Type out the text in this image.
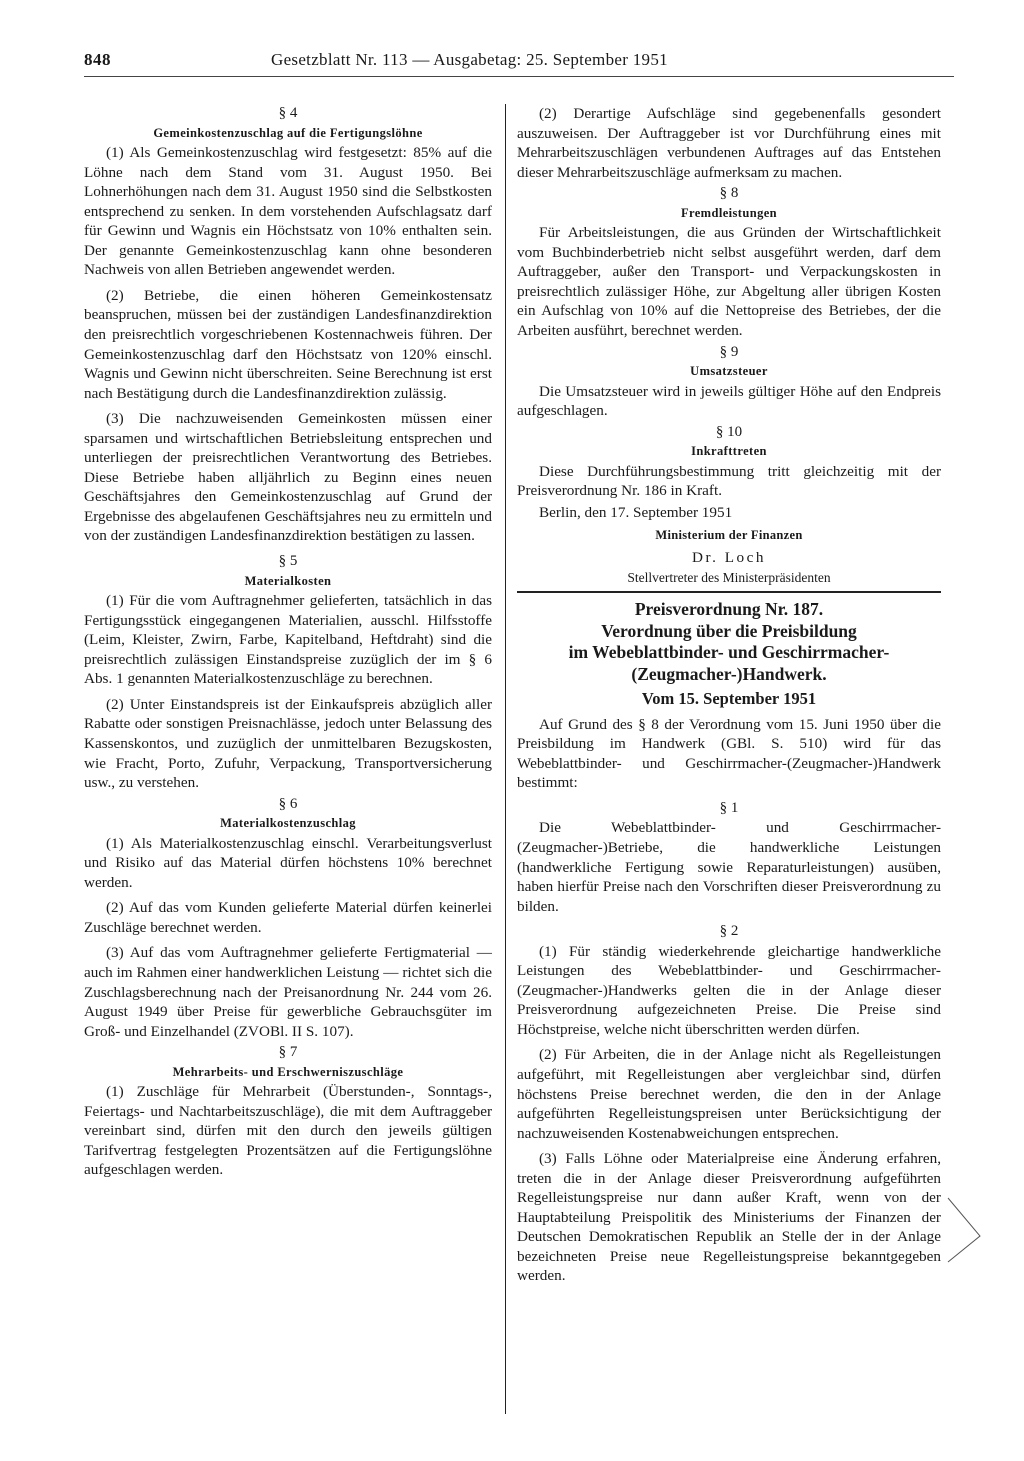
848	Gesetzblatt Nr. 113 — Ausgabetag: 25. September 1951

§ 4

Gemeinkostenzuschlag auf die Fertigungslöhne

(1) Als Gemeinkostenzuschlag wird festgesetzt: 85% auf die Löhne nach dem Stand vom 31. August 1950. Bei Lohnerhöhungen nach dem 31. August 1950 sind die Selbstkosten entsprechend zu senken. In dem vorstehenden Aufschlagsatz darf für Gewinn und Wagnis ein Höchstsatz von 10% enthalten sein. Der genannte Gemeinkostenzuschlag kann ohne besonderen Nachweis von allen Betrieben angewendet werden.

(2) Betriebe, die einen höheren Gemeinkostensatz beanspruchen, müssen bei der zuständigen Landesfinanzdirektion den preisrechtlich vorgeschriebenen Kostennachweis führen. Der Gemeinkostenzuschlag darf den Höchstsatz von 120% einschl. Wagnis und Gewinn nicht überschreiten. Seine Berechnung ist erst nach Bestätigung durch die Landesfinanzdirektion zulässig.

(3) Die nachzuweisenden Gemeinkosten müssen einer sparsamen und wirtschaftlichen Betriebsleitung entsprechen und unterliegen der preisrechtlichen Verantwortung des Betriebes. Diese Betriebe haben alljährlich zu Beginn eines neuen Geschäftsjahres den Gemeinkostenzuschlag auf Grund der Ergebnisse des abgelaufenen Geschäftsjahres neu zu ermitteln und von der zuständigen Landesfinanzdirektion bestätigen zu lassen.

§ 5

Materialkosten

(1) Für die vom Auftragnehmer gelieferten, tatsächlich in das Fertigungsstück eingegangenen Materialien, ausschl. Hilfsstoffe (Leim, Kleister, Zwirn, Farbe, Kapitelband, Heftdraht) sind die preisrechtlich zulässigen Einstandspreise zuzüglich der im § 6 Abs. 1 genannten Materialkostenzuschläge zu berechnen.

(2) Unter Einstandspreis ist der Einkaufspreis abzüglich aller Rabatte oder sonstigen Preisnachlässe, jedoch unter Belassung des Kassenskontos, und zuzüglich der unmittelbaren Bezugskosten, wie Fracht, Porto, Zufuhr, Verpackung, Transportversicherung usw., zu verstehen.

§ 6

Materialkostenzuschlag

(1) Als Materialkostenzuschlag einschl. Verarbeitungsverlust und Risiko auf das Material dürfen höchstens 10% berechnet werden.

(2) Auf das vom Kunden gelieferte Material dürfen keinerlei Zuschläge berechnet werden.

(3) Auf das vom Auftragnehmer gelieferte Fertigmaterial — auch im Rahmen einer handwerklichen Leistung — richtet sich die Zuschlagsberechnung nach der Preisanordnung Nr. 244 vom 26. August 1949 über Preise für gewerbliche Gebrauchsgüter im Groß- und Einzelhandel (ZVOBl. II S. 107).

§ 7

Mehrarbeits- und Erschwerniszuschläge

(1) Zuschläge für Mehrarbeit (Überstunden-, Sonntags-, Feiertags- und Nachtarbeitszuschläge), die mit dem Auftraggeber vereinbart sind, dürfen mit den durch den jeweils gültigen Tarifvertrag festgelegten Prozentsätzen auf die Fertigungslöhne aufgeschlagen werden.

(2) Derartige Aufschläge sind gegebenenfalls gesondert auszuweisen. Der Auftraggeber ist vor Durchführung eines mit Mehrarbeitszuschlägen verbundenen Auftrages auf das Entstehen dieser Mehrarbeitszuschläge aufmerksam zu machen.

§ 8

Fremdleistungen

Für Arbeitsleistungen, die aus Gründen der Wirtschaftlichkeit vom Buchbinderbetrieb nicht selbst ausgeführt werden, darf dem Auftraggeber, außer den Transport- und Verpackungskosten in preisrechtlich zulässiger Höhe, zur Abgeltung aller übrigen Kosten ein Aufschlag von 10% auf die Nettopreise des Betriebes, der die Arbeiten ausführt, berechnet werden.

§ 9

Umsatzsteuer

Die Umsatzsteuer wird in jeweils gültiger Höhe auf den Endpreis aufgeschlagen.

§ 10

Inkrafttreten

Diese Durchführungsbestimmung tritt gleichzeitig mit der Preisverordnung Nr. 186 in Kraft.

Berlin, den 17. September 1951

Ministerium der Finanzen

Dr. Loch

Stellvertreter des Ministerpräsidenten

Preisverordnung Nr. 187.

Verordnung über die Preisbildung

im Webeblattbinder- und Geschirrmacher-

(Zeugmacher-)Handwerk.

Vom 15. September 1951

Auf Grund des § 8 der Verordnung vom 15. Juni 1950 über die Preisbildung im Handwerk (GBl. S. 510) wird für das Webeblattbinder- und Geschirrmacher-(Zeugmacher-)Handwerk bestimmt:

§ 1

Die Webeblattbinder- und Geschirrmacher-(Zeugmacher-)Betriebe, die handwerkliche Leistungen (handwerkliche Fertigung sowie Reparaturleistungen) ausüben, haben hierfür Preise nach den Vorschriften dieser Preisverordnung zu bilden.

§ 2

(1) Für ständig wiederkehrende gleichartige handwerkliche Leistungen des Webeblattbinder- und Geschirrmacher-(Zeugmacher-)Handwerks gelten die in der Anlage dieser Preisverordnung aufgezeichneten Preise. Die Preise sind Höchstpreise, welche nicht überschritten werden dürfen.

(2) Für Arbeiten, die in der Anlage nicht als Regelleistungen aufgeführt, mit Regelleistungen aber vergleichbar sind, dürfen höchstens Preise berechnet werden, die den in der Anlage aufgeführten Regelleistungspreisen unter Berücksichtigung der nachzuweisenden Kostenabweichungen entsprechen.

(3) Falls Löhne oder Materialpreise eine Änderung erfahren, treten die in der Anlage dieser Preisverordnung aufgeführten Regelleistungspreise nur dann außer Kraft, wenn von der Hauptabteilung Preispolitik des Ministeriums der Finanzen der Deutschen Demokratischen Republik an Stelle der in der Anlage bezeichneten Preise neue Regelleistungspreise bekanntgegeben werden.
